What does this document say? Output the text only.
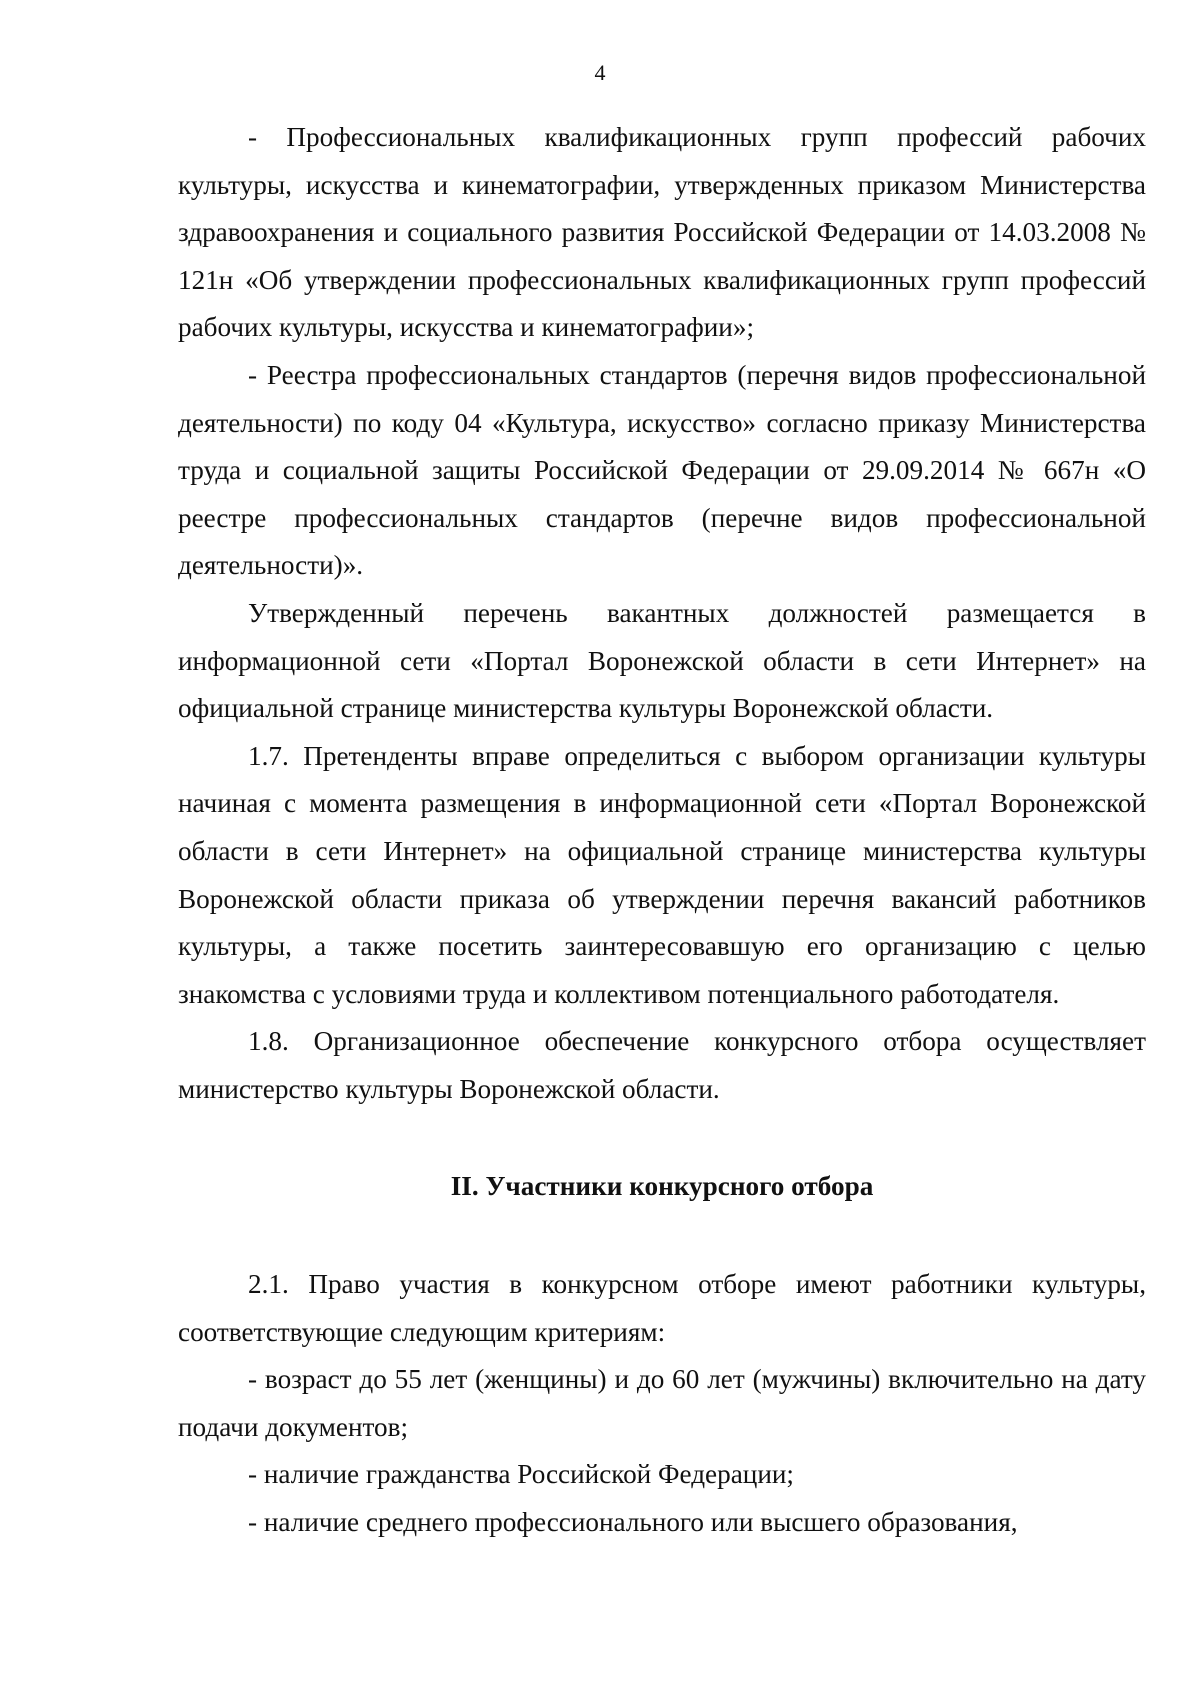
4

- Профессиональных квалификационных групп профессий рабочих культуры, искусства и кинематографии, утвержденных приказом Министерства здравоохранения и социального развития Российской Федерации от 14.03.2008 № 121н «Об утверждении профессиональных квалификационных групп профессий рабочих культуры, искусства и кинематографии»;

- Реестра профессиональных стандартов (перечня видов профессиональной деятельности) по коду 04 «Культура, искусство» согласно приказу Министерства труда и социальной защиты Российской Федерации от 29.09.2014 № 667н «О реестре профессиональных стандартов (перечне видов профессиональной деятельности)».

Утвержденный перечень вакантных должностей размещается в информационной сети «Портал Воронежской области в сети Интернет» на официальной странице министерства культуры Воронежской области.

1.7. Претенденты вправе определиться с выбором организации культуры начиная с момента размещения в информационной сети «Портал Воронежской области в сети Интернет» на официальной странице министерства культуры Воронежской области приказа об утверждении перечня вакансий работников культуры, а также посетить заинтересовавшую его организацию с целью знакомства с условиями труда и коллективом потенциального работодателя.

1.8. Организационное обеспечение конкурсного отбора осуществляет министерство культуры Воронежской области.

II. Участники конкурсного отбора

2.1. Право участия в конкурсном отборе имеют работники культуры, соответствующие следующим критериям:

- возраст до 55 лет (женщины) и до 60 лет (мужчины) включительно на дату подачи документов;

- наличие гражданства Российской Федерации;

- наличие среднего профессионального или высшего образования,
